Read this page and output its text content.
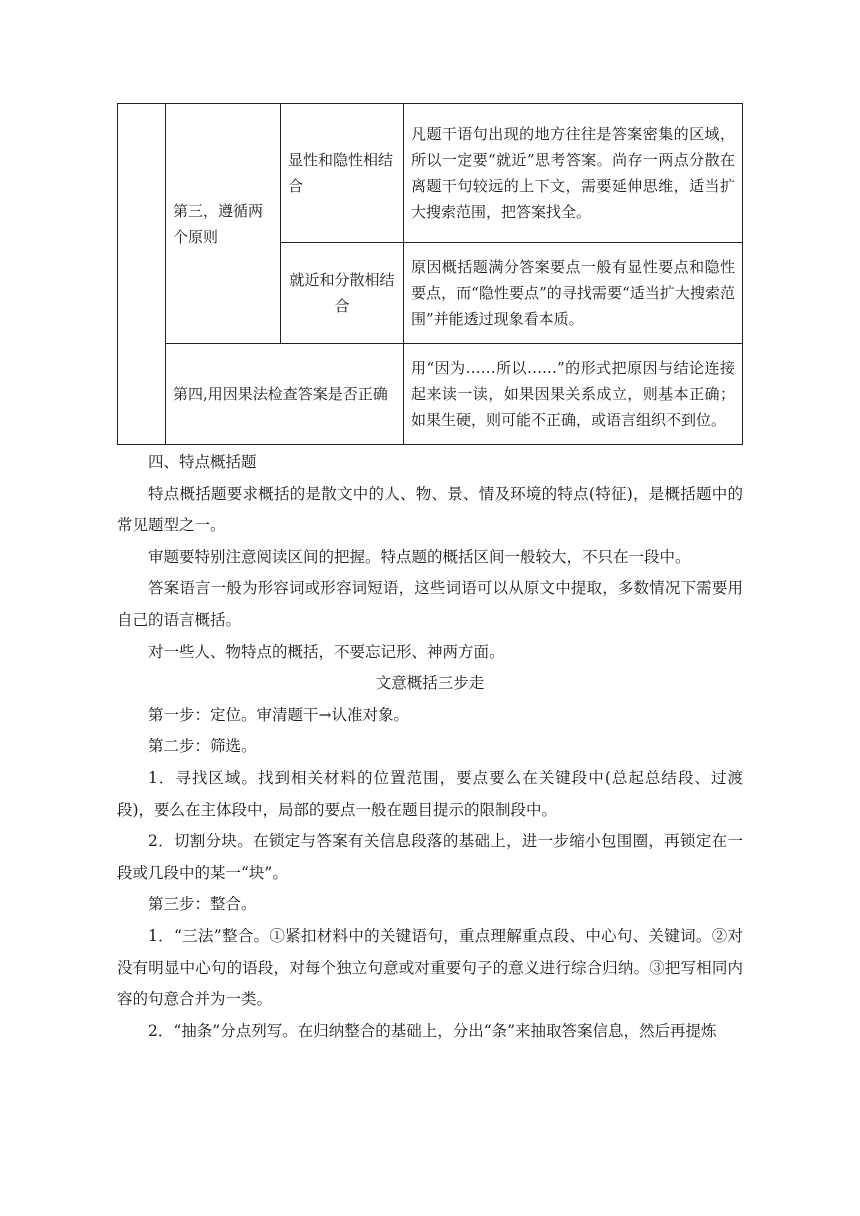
	第三，遵循两个原则	显性和隐性相结合	凡题干语句出现的地方往往是答案密集的区域，所以一定要“就近”思考答案。尚存一两点分散在离题干句较远的上下文，需要延伸思维，适当扩大搜索范围，把答案找全。
		就近和分散相结合	原因概括题满分答案要点一般有显性要点和隐性要点，而“隐性要点”的寻找需要“适当扩大搜索范围”并能透过现象看本质。
	第四,用因果法检查答案是否正确		用“因为……所以……”的形式把原因与结论连接起来读一读，如果因果关系成立，则基本正确；如果生硬，则可能不正确，或语言组织不到位。

四、特点概括题

特点概括题要求概括的是散文中的人、物、景、情及环境的特点(特征)，是概括题中的常见题型之一。

审题要特别注意阅读区间的把握。特点题的概括区间一般较大，不只在一段中。

答案语言一般为形容词或形容词短语，这些词语可以从原文中提取，多数情况下需要用自己的语言概括。

对一些人、物特点的概括，不要忘记形、神两方面。

文意概括三步走

第一步：定位。审清题干→认准对象。

第二步：筛选。

1．寻找区域。找到相关材料的位置范围，要点要么在关键段中(总起总结段、过渡段)，要么在主体段中，局部的要点一般在题目提示的限制段中。

2．切割分块。在锁定与答案有关信息段落的基础上，进一步缩小包围圈，再锁定在一段或几段中的某一“块”。

第三步：整合。

1．“三法”整合。①紧扣材料中的关键语句，重点理解重点段、中心句、关键词。②对没有明显中心句的语段，对每个独立句意或对重要句子的意义进行综合归纳。③把写相同内容的句意合并为一类。

2．“抽条”分点列写。在归纳整合的基础上，分出“条”来抽取答案信息，然后再提炼
